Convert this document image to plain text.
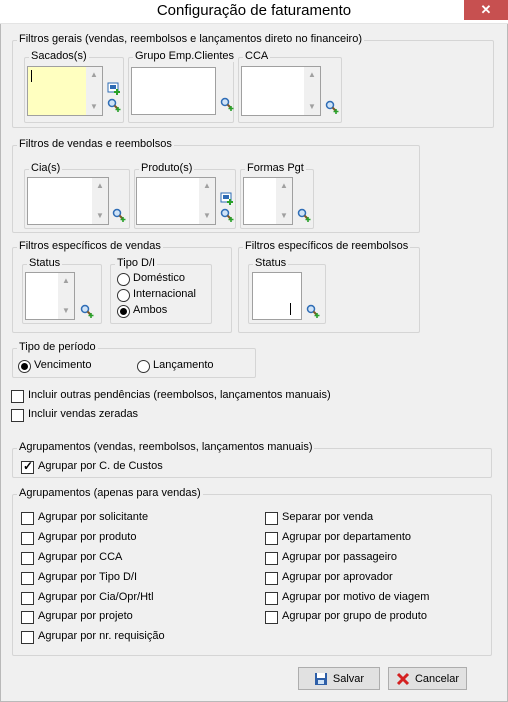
Configuração de faturamento	✕
Filtros gerais (vendas, reembolsos e lançamentos direto no financeiro)
Sacados(s)
▲
▼
Grupo Emp.Clientes CCA
▲
▼
Filtros de vendas e reembolsos
Cia(s)
▲
▼
Produto(s)
▲
▼
Formas Pgt
▲
▼
Filtros específicos de vendas
Status
▲
▼
Tipo D/I
Doméstico
Internacional
Ambos
Filtros específicos de reembolsos
Status
Tipo de período
Vencimento	Lançamento
Incluir outras pendências (reembolsos, lançamentos manuais)
Incluir vendas zeradas
Agrupamentos (vendas, reembolsos, lançamentos manuais)
✓ Agrupar por C. de Custos
Agrupamentos (apenas para vendas)
Agrupar por solicitante
Agrupar por produto
Agrupar por CCA
Agrupar por Tipo D/I
Agrupar por Cia/Opr/Htl
Agrupar por projeto
Agrupar por nr. requisição
Separar por venda
Agrupar por departamento
Agrupar por passageiro
Agrupar por aprovador
Agrupar por motivo de viagem
Agrupar por grupo de produto
Salvar	Cancelar
